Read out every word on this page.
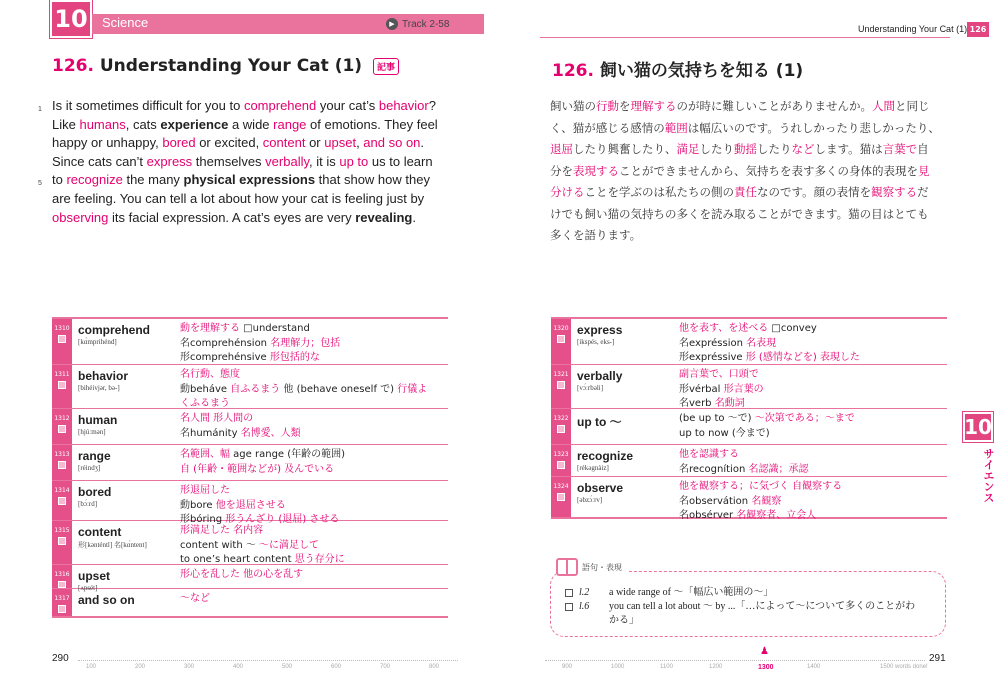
10	Science	▶ Track 2-58	Understanding Your Cat (1) 126
126. Understanding Your Cat (1) 記事	126. 飼い猫の気持ちを知る (1)

1 Is it sometimes difficult for you to comprehend your cat’s behavior?

Like humans, cats experience a wide range of emotions. They feel

happy or unhappy, bored or excited, content or upset, and so on.

Since cats can’t express themselves verbally, it is up to us to learn

5 to recognize the many physical expressions that show how they

are feeling. You can tell a lot about how your cat is feeling just by

observing its facial expression. A cat’s eyes are very revealing.

飼い猫の行動を理解するのが時に難しいことがありませんか。人間と同じ

く、猫が感じる感情の範囲は幅広いのです。うれしかったり悲しかったり、

退屈したり興奮したり、満足したり動揺したりなどします。猫は言葉で自

分を表現することができませんから、気持ちを表す多くの身体的表現を見

分けることを学ぶのは私たちの側の責任なのです。顔の表情を観察するだ

けでも飼い猫の気持ちの多くを読み取ることができます。猫の目はとても

多くを語ります。

1310 comprehend
[kɑ̀mprihénd]
動を理解する □understand
名comprehénsion 名理解力；包括
形comprehénsive 形包括的な
1311 behavior
[bihéivjər, bə-]
名行動、態度
動beháve 自ふるまう 他 (behave oneself で) 行儀よ
くふるまう
1312 human
[hjúːmən]
名人間 形人間の
名humánity 名博愛、人類
1313 range
[réindʒ]
名範囲、幅 age range (年齢の範囲)
自 (年齢・範囲などが) 及んでいる
1314 bored
[bɔ́ːrd]
形退屈した
動bore 他を退屈させる
形bóring 形うんざり (退屈) させる
1315 content
形[kənténtl] 名[kɑ́ntent]
形満足した 名内容
content with ～ ～に満足して
to one’s heart content 思う存分に
1316 upset
[ʌpsét]
形心を乱した 他の心を乱す
1317 and so on	～など
1320 express
[ikspés, eks-]
他を表す、を述べる □convey
名expréssion 名表現
形expréssive 形 (感情などを) 表現した
1321 verbally
[vɔ́ːrbəli]
副言葉で、口頭で
形vérbal 形言葉の
名verb 名動詞
1322 up to ～	(be up to ～で) ～次第である；～まで
up to now (今まで)
1323 recognize
[rékəgnàiz]
他を認識する
名recognítion 名認識；承認
1324 observe
[əbzɔ́ːrv]
他を観察する；に気づく 自観察する
名observátion 名観察
名obsérver 名観察者、立会人
語句・表現
l.2	a wide range of ～「幅広い範囲の～」
l.6	you can tell a lot about ～ by ...「…によって～について多くのことがわ
かる」
290	291
100	200	300	400	500	600	700	800	900	1000	1100	1200	1300	1400	1500 words done!
♟
10
サイエンス
